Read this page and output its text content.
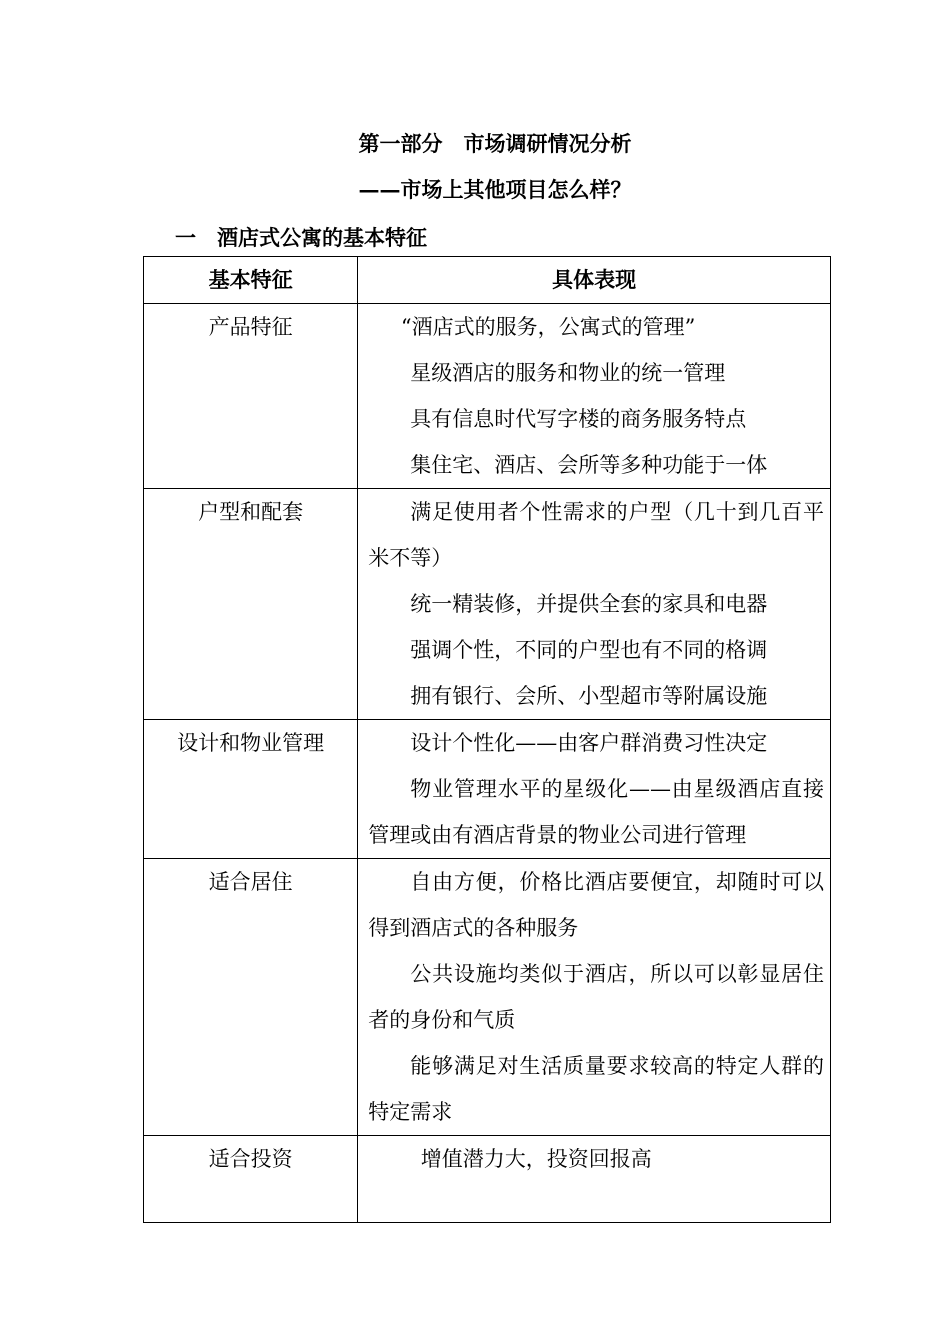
第一部分　市场调研情况分析
——市场上其他项目怎么样？
一　酒店式公寓的基本特征
基本特征	具体表现
产品特征	“酒店式的服务，公寓式的管理”

星级酒店的服务和物业的统一管理

具有信息时代写字楼的商务服务特点

集住宅、酒店、会所等多种功能于一体

户型和配套	满足使用者个性需求的户型（几十到几百平米不等）

统一精装修，并提供全套的家具和电器

强调个性，不同的户型也有不同的格调

拥有银行、会所、小型超市等附属设施

设计和物业管理	设计个性化——由客户群消费习性决定

物业管理水平的星级化——由星级酒店直接管理或由有酒店背景的物业公司进行管理

适合居住	自由方便，价格比酒店要便宜，却随时可以得到酒店式的各种服务

公共设施均类似于酒店，所以可以彰显居住者的身份和气质

能够满足对生活质量要求较高的特定人群的特定需求

适合投资	增值潜力大，投资回报高
